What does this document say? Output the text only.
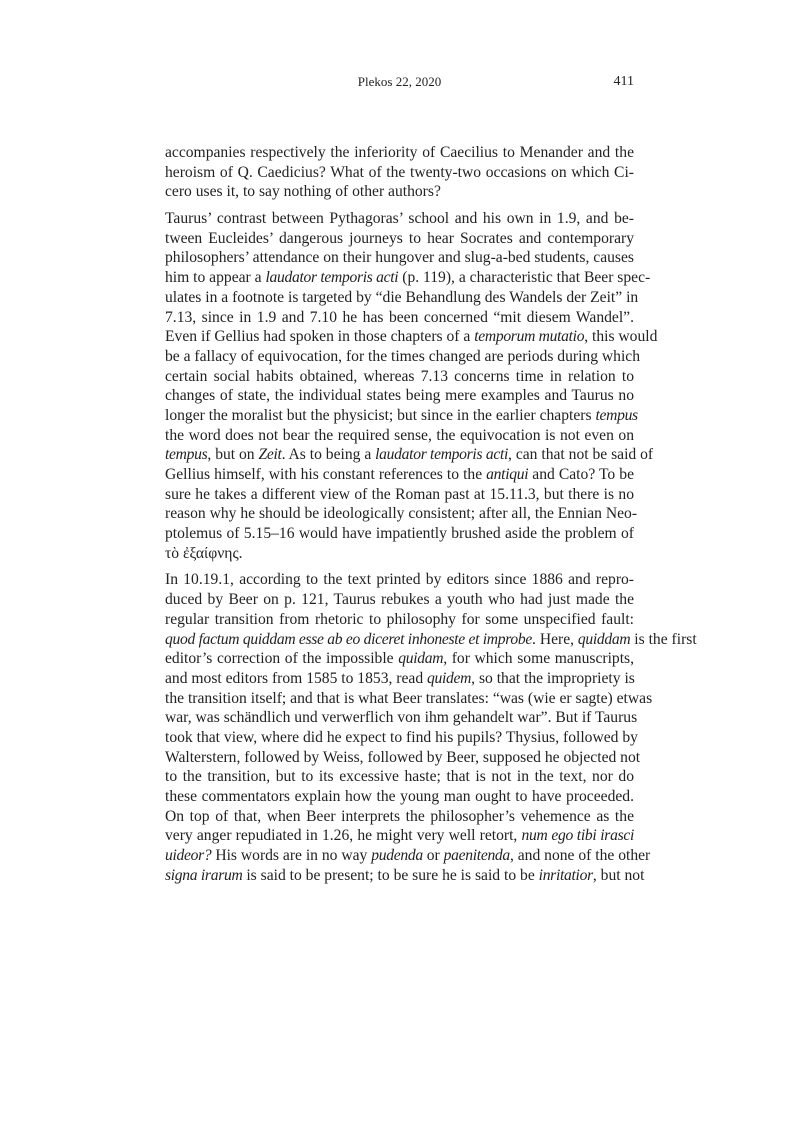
Plekos 22, 2020	411
accompanies respectively the inferiority of Caecilius to Menander and the
heroism of Q. Caedicius? What of the twenty-two occasions on which Ci-
cero uses it, to say nothing of other authors?
Taurus’ contrast between Pythagoras’ school and his own in 1.9, and be-
tween Eucleides’ dangerous journeys to hear Socrates and contemporary
philosophers’ attendance on their hungover and slug-a-bed students, causes
him to appear a laudator temporis acti (p. 119), a characteristic that Beer spec-
ulates in a footnote is targeted by “die Behandlung des Wandels der Zeit” in
7.13, since in 1.9 and 7.10 he has been concerned “mit diesem Wandel”.
Even if Gellius had spoken in those chapters of a temporum mutatio, this would
be a fallacy of equivocation, for the times changed are periods during which
certain social habits obtained, whereas 7.13 concerns time in relation to
changes of state, the individual states being mere examples and Taurus no
longer the moralist but the physicist; but since in the earlier chapters tempus
the word does not bear the required sense, the equivocation is not even on
tempus, but on Zeit. As to being a laudator temporis acti, can that not be said of
Gellius himself, with his constant references to the antiqui and Cato? To be
sure he takes a different view of the Roman past at 15.11.3, but there is no
reason why he should be ideologically consistent; after all, the Ennian Neo-
ptolemus of 5.15–16 would have impatiently brushed aside the problem of
τὸ ἐξαίφνης.
In 10.19.1, according to the text printed by editors since 1886 and repro-
duced by Beer on p. 121, Taurus rebukes a youth who had just made the
regular transition from rhetoric to philosophy for some unspecified fault:
quod factum quiddam esse ab eo diceret inhoneste et improbe. Here, quiddam is the first
editor’s correction of the impossible quidam, for which some manuscripts,
and most editors from 1585 to 1853, read quidem, so that the impropriety is
the transition itself; and that is what Beer translates: “was (wie er sagte) etwas
war, was schändlich und verwerflich von ihm gehandelt war”. But if Taurus
took that view, where did he expect to find his pupils? Thysius, followed by
Walterstern, followed by Weiss, followed by Beer, supposed he objected not
to the transition, but to its excessive haste; that is not in the text, nor do
these commentators explain how the young man ought to have proceeded.
On top of that, when Beer interprets the philosopher’s vehemence as the
very anger repudiated in 1.26, he might very well retort, num ego tibi irasci
uideor? His words are in no way pudenda or paenitenda, and none of the other
signa irarum is said to be present; to be sure he is said to be inritatior, but not
